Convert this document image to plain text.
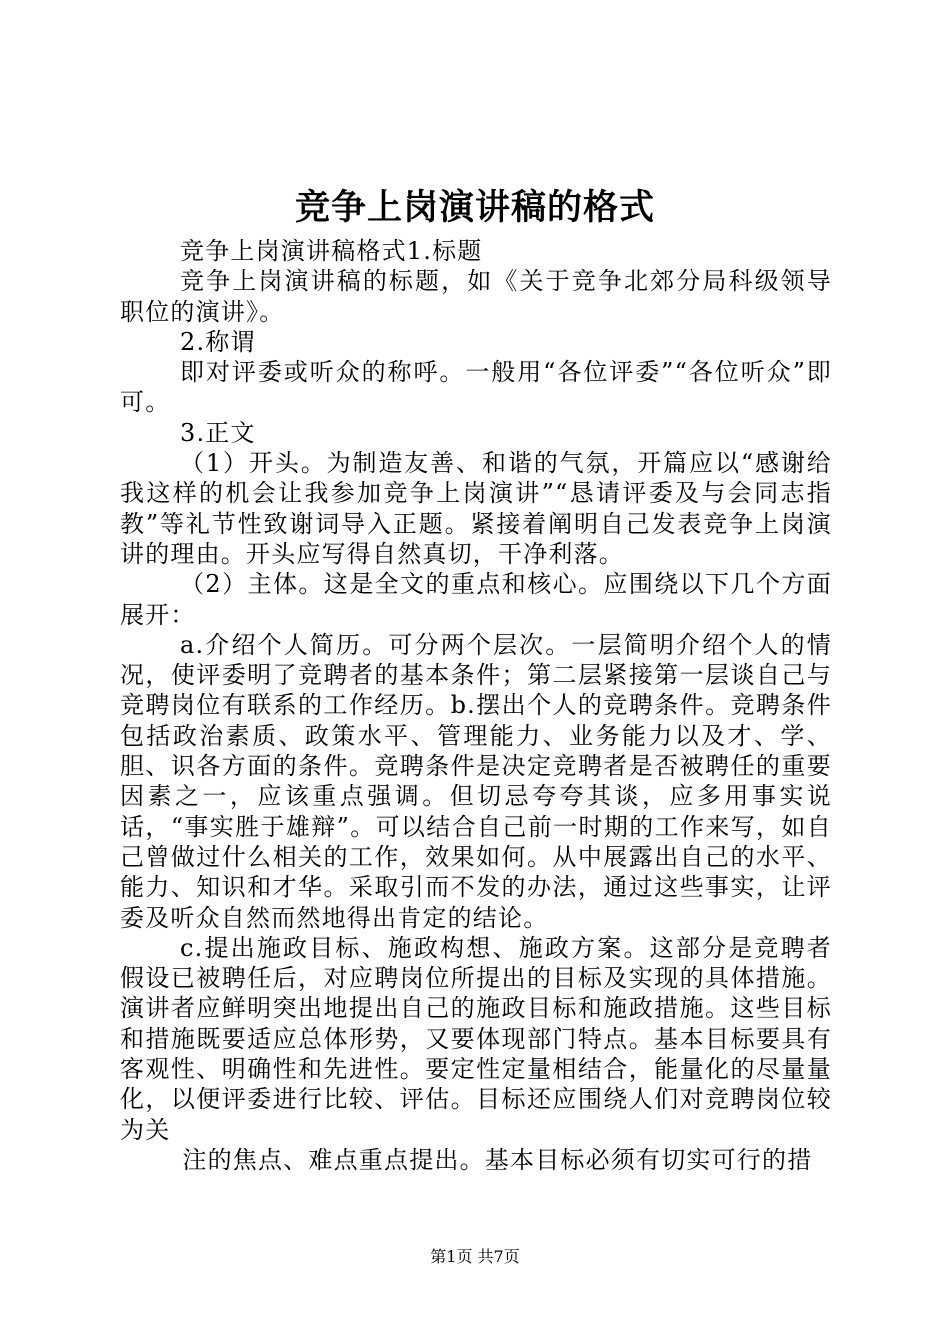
竞争上岗演讲稿的格式

竞争上岗演讲稿格式1.标题

竞争上岗演讲稿的标题，如《关于竞争北郊分局科级领导职位的演讲》。

2.称谓

即对评委或听众的称呼。一般用“各位评委”“各位听众”即可。

3.正文

（1）开头。为制造友善、和谐的气氛，开篇应以“感谢给我这样的机会让我参加竞争上岗演讲”“恳请评委及与会同志指教”等礼节性致谢词导入正题。紧接着阐明自己发表竞争上岗演讲的理由。开头应写得自然真切，干净利落。

（2）主体。这是全文的重点和核心。应围绕以下几个方面展开：

a.介绍个人简历。可分两个层次。一层简明介绍个人的情况，使评委明了竞聘者的基本条件；第二层紧接第一层谈自己与竞聘岗位有联系的工作经历。b.摆出个人的竞聘条件。竞聘条件包括政治素质、政策水平、管理能力、业务能力以及才、学、胆、识各方面的条件。竞聘条件是决定竞聘者是否被聘任的重要因素之一，应该重点强调。但切忌夸夸其谈，应多用事实说话，“事实胜于雄辩”。可以结合自己前一时期的工作来写，如自己曾做过什么相关的工作，效果如何。从中展露出自己的水平、能力、知识和才华。采取引而不发的办法，通过这些事实，让评委及听众自然而然地得出肯定的结论。

c.提出施政目标、施政构想、施政方案。这部分是竞聘者假设已被聘任后，对应聘岗位所提出的目标及实现的具体措施。演讲者应鲜明突出地提出自己的施政目标和施政措施。这些目标和措施既要适应总体形势，又要体现部门特点。基本目标要具有客观性、明确性和先进性。要定性定量相结合，能量化的尽量量化，以便评委进行比较、评估。目标还应围绕人们对竞聘岗位较为关

注的焦点、难点重点提出。基本目标必须有切实可行的措

第1页 共7页
